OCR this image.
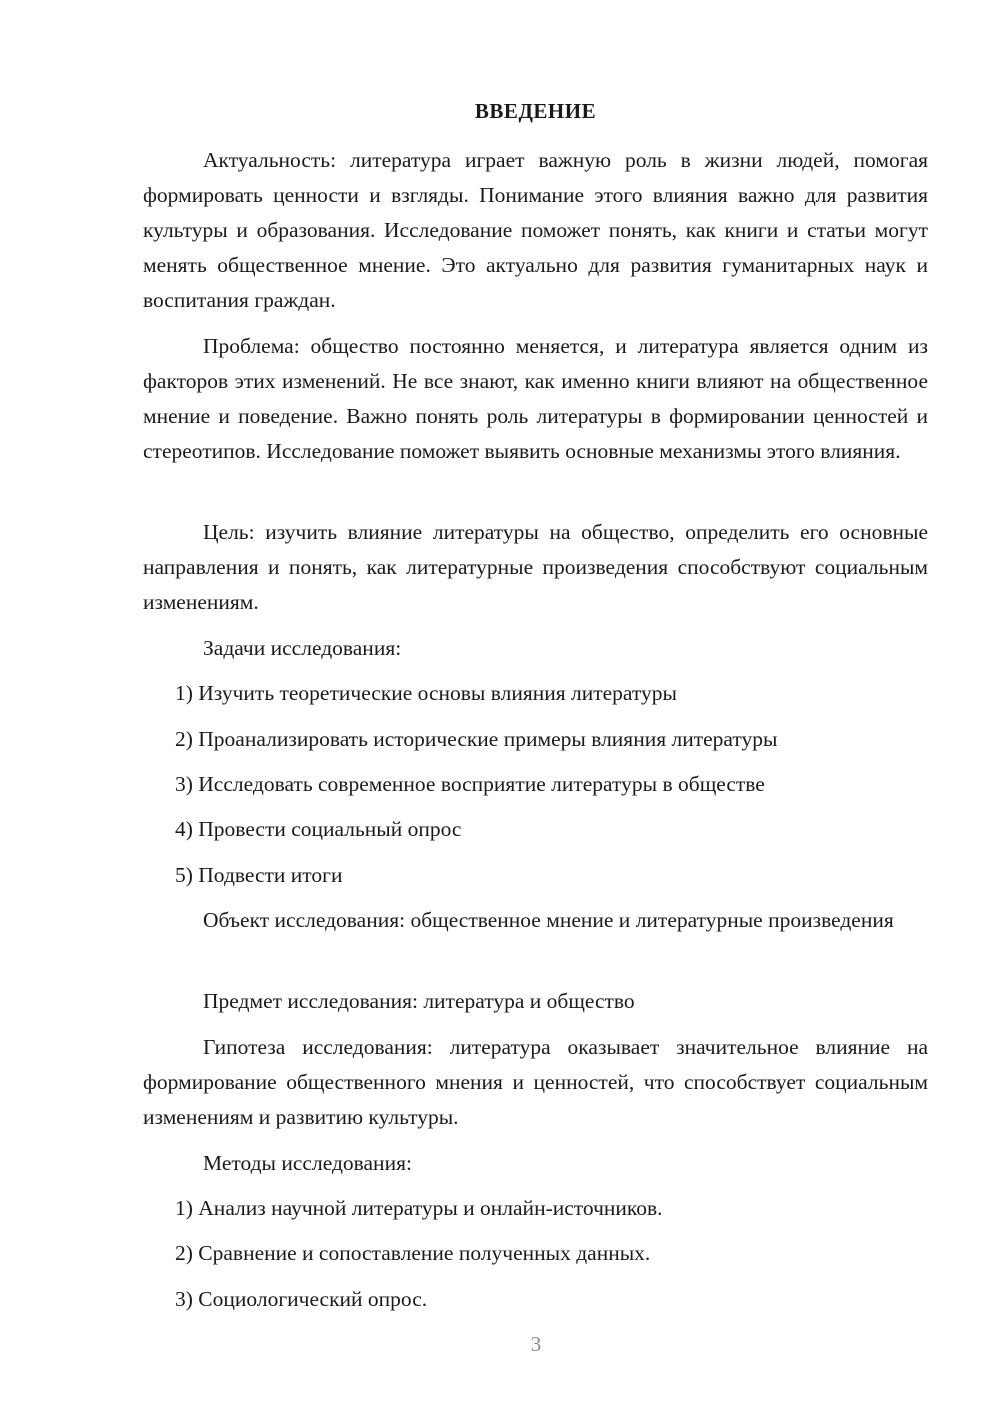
ВВЕДЕНИЕ

Актуальность: литература играет важную роль в жизни людей, помогая формировать ценности и взгляды. Понимание этого влияния важно для развития культуры и образования. Исследование поможет понять, как книги и статьи могут менять общественное мнение. Это актуально для развития гуманитарных наук и воспитания граждан.

Проблема: общество постоянно меняется, и литература является одним из факторов этих изменений. Не все знают, как именно книги влияют на общественное мнение и поведение. Важно понять роль литературы в формировании ценностей и стереотипов. Исследование поможет выявить основные механизмы этого влияния.

Цель: изучить влияние литературы на общество, определить его основные направления и понять, как литературные произведения способствуют социальным изменениям.

Задачи исследования:

1) Изучить теоретические основы влияния литературы

2) Проанализировать исторические примеры влияния литературы

3) Исследовать современное восприятие литературы в обществе

4) Провести социальный опрос

5) Подвести итоги

Объект исследования: общественное мнение и литературные произведения

Предмет исследования: литература и общество

Гипотеза исследования: литература оказывает значительное влияние на формирование общественного мнения и ценностей, что способствует социальным изменениям и развитию культуры.

Методы исследования:

1) Анализ научной литературы и онлайн-источников.

2) Сравнение и сопоставление полученных данных.

3) Социологический опрос.

3
